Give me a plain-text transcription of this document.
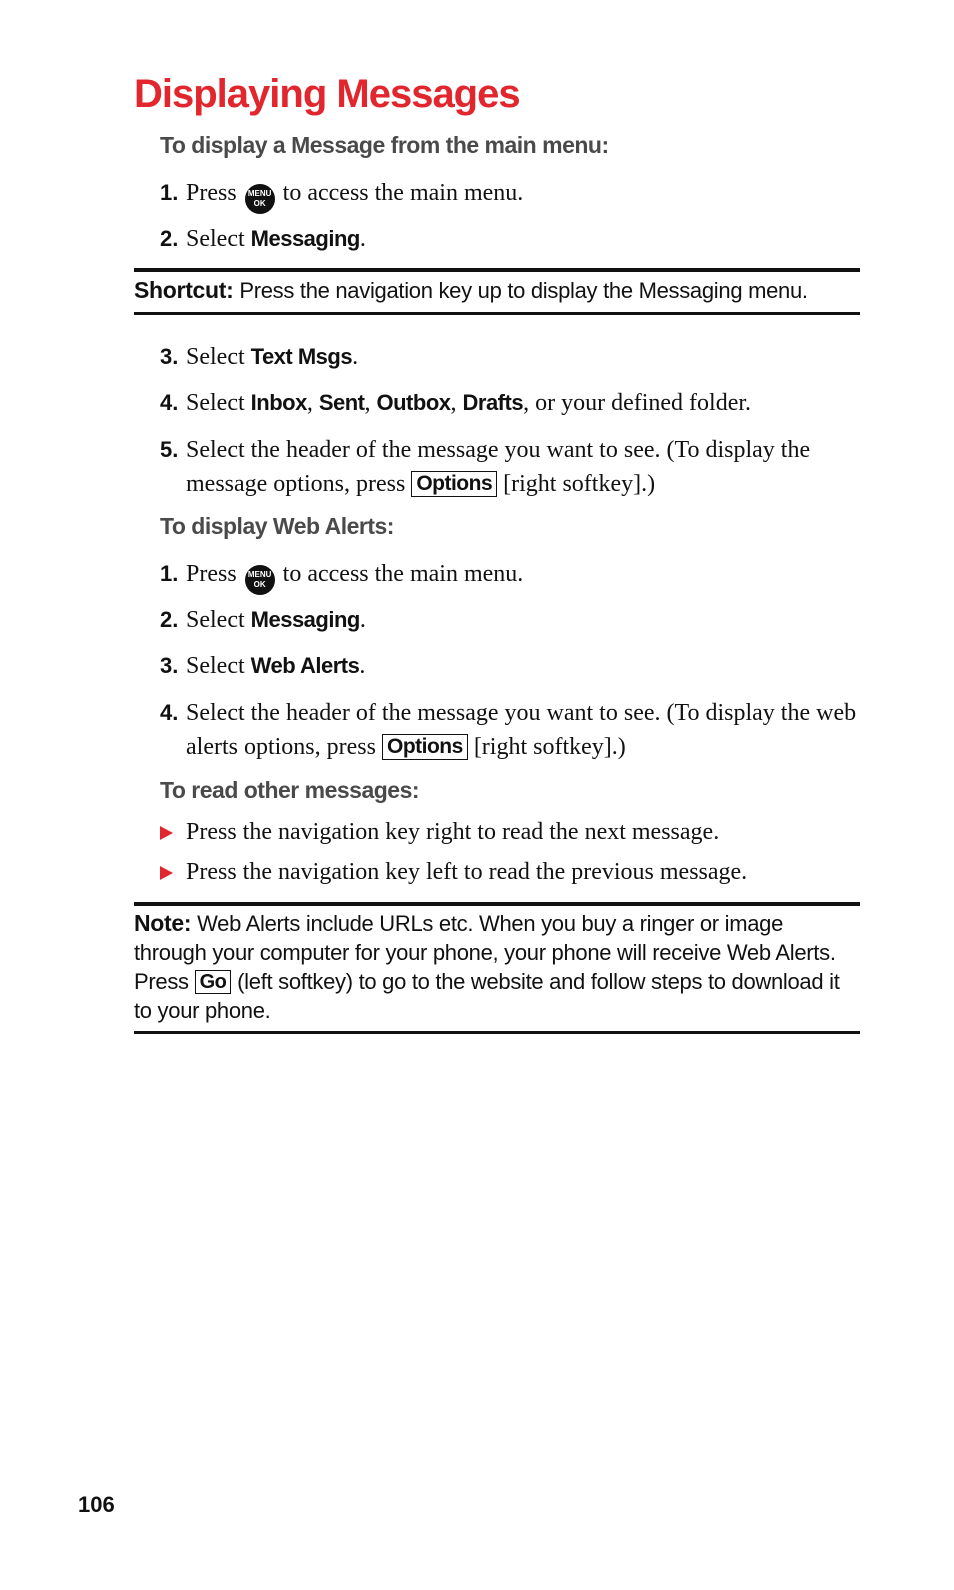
Displaying Messages

To display a Message from the main menu:

1. Press	MENU
OK to access the main menu.
2. Select Messaging.

Shortcut: Press the navigation key up to display the Messaging menu.

3. Select Text Msgs.
4. Select Inbox, Sent, Outbox, Drafts, or your defined folder.
5. Select the header of the message you want to see. (To display the message options, press Options [right softkey].)

To display Web Alerts:

1. Press	MENU
OK to access the main menu.
2. Select Messaging.
3. Select Web Alerts.
4. Select the header of the message you want to see. (To display the web alerts options, press Options [right softkey].)

To read other messages:

Press the navigation key right to read the next message.
Press the navigation key left to read the previous message.

Note: Web Alerts include URLs etc. When you buy a ringer or image through your computer for your phone, your phone will receive Web Alerts. Press Go (left softkey) to go to the website and follow steps to download it to your phone.

106
